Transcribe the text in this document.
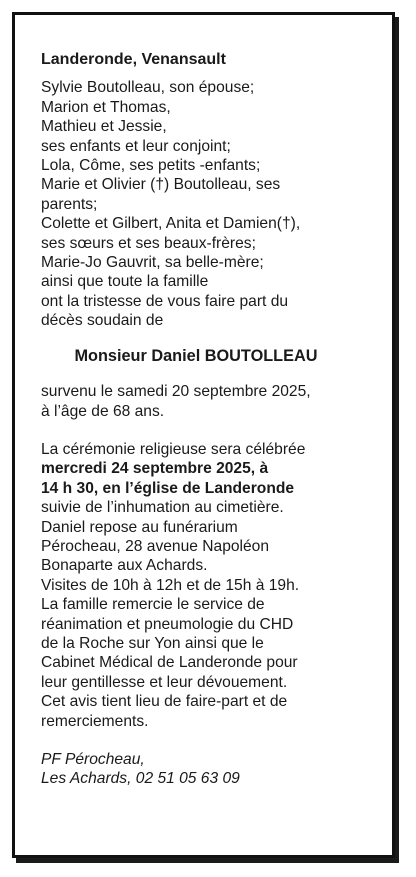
Landeronde, Venansault
Sylvie Boutolleau, son épouse;
Marion et Thomas,
Mathieu et Jessie,
ses enfants et leur conjoint;
Lola, Côme, ses petits -enfants;
Marie et Olivier (†) Boutolleau, ses
parents;
Colette et Gilbert, Anita et Damien(†),
ses sœurs et ses beaux-frères;
Marie-Jo Gauvrit, sa belle-mère;
ainsi que toute la famille
ont la tristesse de vous faire part du
décès soudain de
Monsieur Daniel BOUTOLLEAU
survenu le samedi 20 septembre 2025,
à l’âge de 68 ans.
La cérémonie religieuse sera célébrée
mercredi 24 septembre 2025, à
14 h 30, en l’église de Landeronde
suivie de l’inhumation au cimetière.
Daniel repose au funérarium
Pérocheau, 28 avenue Napoléon
Bonaparte aux Achards.
Visites de 10h à 12h et de 15h à 19h.
La famille remercie le service de
réanimation et pneumologie du CHD
de la Roche sur Yon ainsi que le
Cabinet Médical de Landeronde pour
leur gentillesse et leur dévouement.
Cet avis tient lieu de faire-part et de
remerciements.
PF Pérocheau,
Les Achards, 02 51 05 63 09
